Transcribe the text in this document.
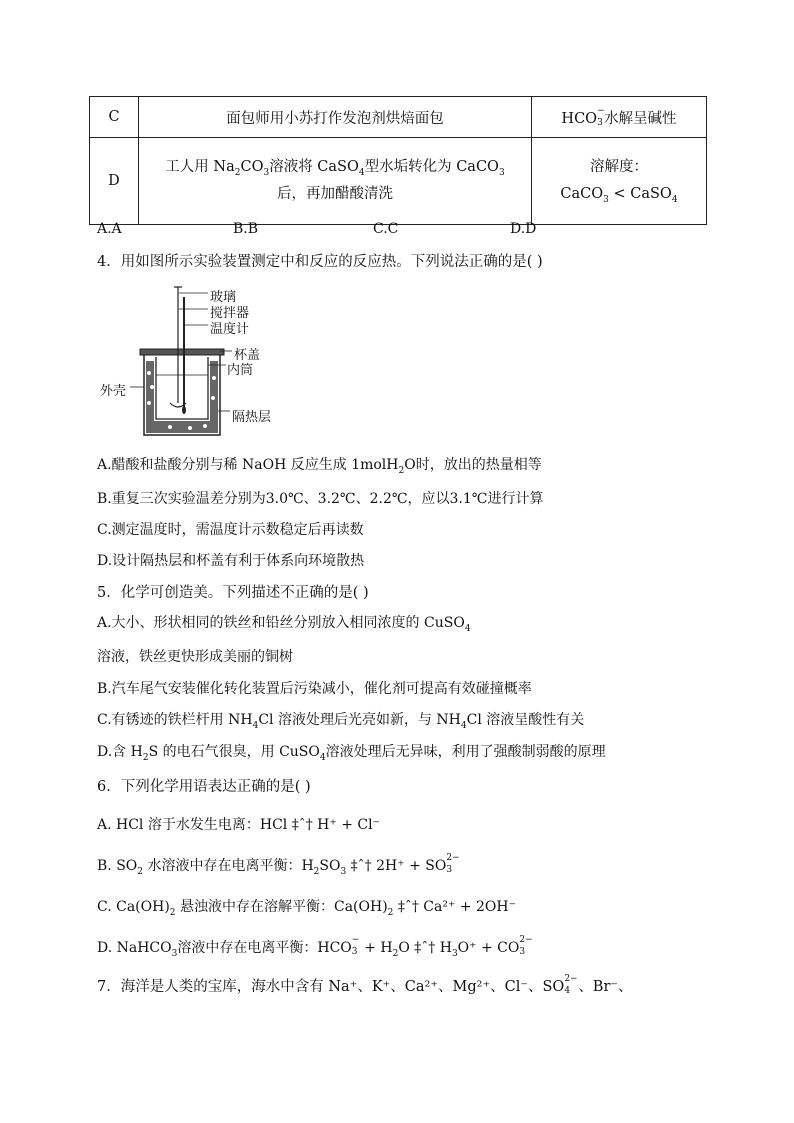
C	面包师用小苏打作发泡剂烘焙面包	HCO −
3 水解呈碱性
D	工人用 $Na_2CO_3$溶液将 CaSO$_4$型水垢转化为 CaCO$_3$
后，再加醋酸清洗	溶解度：
CaCO$_3$ < CaSO$_4$
A.A	B.B	C.C	D.D
4．用如图所示实验装置测定中和反应的反应热。下列说法正确的是( )
玻璃
搅拌器
温度计
杯盖
内筒
外壳
隔热层
A.醋酸和盐酸分别与稀 NaOH 反应生成 1molH$_2$O时，放出的热量相等
B.重复三次实验温差分别为3.0℃、3.2℃、2.2℃，应以3.1℃进行计算
C.测定温度时，需温度计示数稳定后再读数
D.设计隔热层和杯盖有利于体系向环境散热
5．化学可创造美。下列描述不正确的是( )
A.大小、形状相同的铁丝和铅丝分别放入相同浓度的 CuSO$_4$
溶液，铁丝更快形成美丽的铜树
B.汽车尾气安装催化转化装置后污染减小，催化剂可提高有效碰撞概率
C.有锈迹的铁栏杆用 $NH_4Cl$ 溶液处理后光亮如新，与 $NH_4Cl$ 溶液呈酸性有关
D.含 $H_2S$ 的电石气很臭，用 CuSO$_4$溶液处理后无异味，利用了强酸制弱酸的原理
6．下列化学用语表达正确的是( )
A. HCl 溶于水发生电离：HCl ‡ˆ† H⁺ + Cl⁻
B. $SO_2$ 水溶液中存在电离平衡：$H_2SO_3$ ‡ˆ† 2H⁺ + SO 2−
3
C. $Ca(OH)_2$ 悬浊液中存在溶解平衡：$Ca(OH)_2$ ‡ˆ† Ca²⁺ + 2OH⁻
D. NaHCO$_3$溶液中存在电离平衡：HCO −
$3 + H_2O$ ‡ˆ† $H_3O^+$ + CO 2−
3
7．海洋是人类的宝库，海水中含有 Na⁺、K⁺、Ca²⁺、Mg²⁺、Cl⁻、SO 2−
4 、Br⁻、
